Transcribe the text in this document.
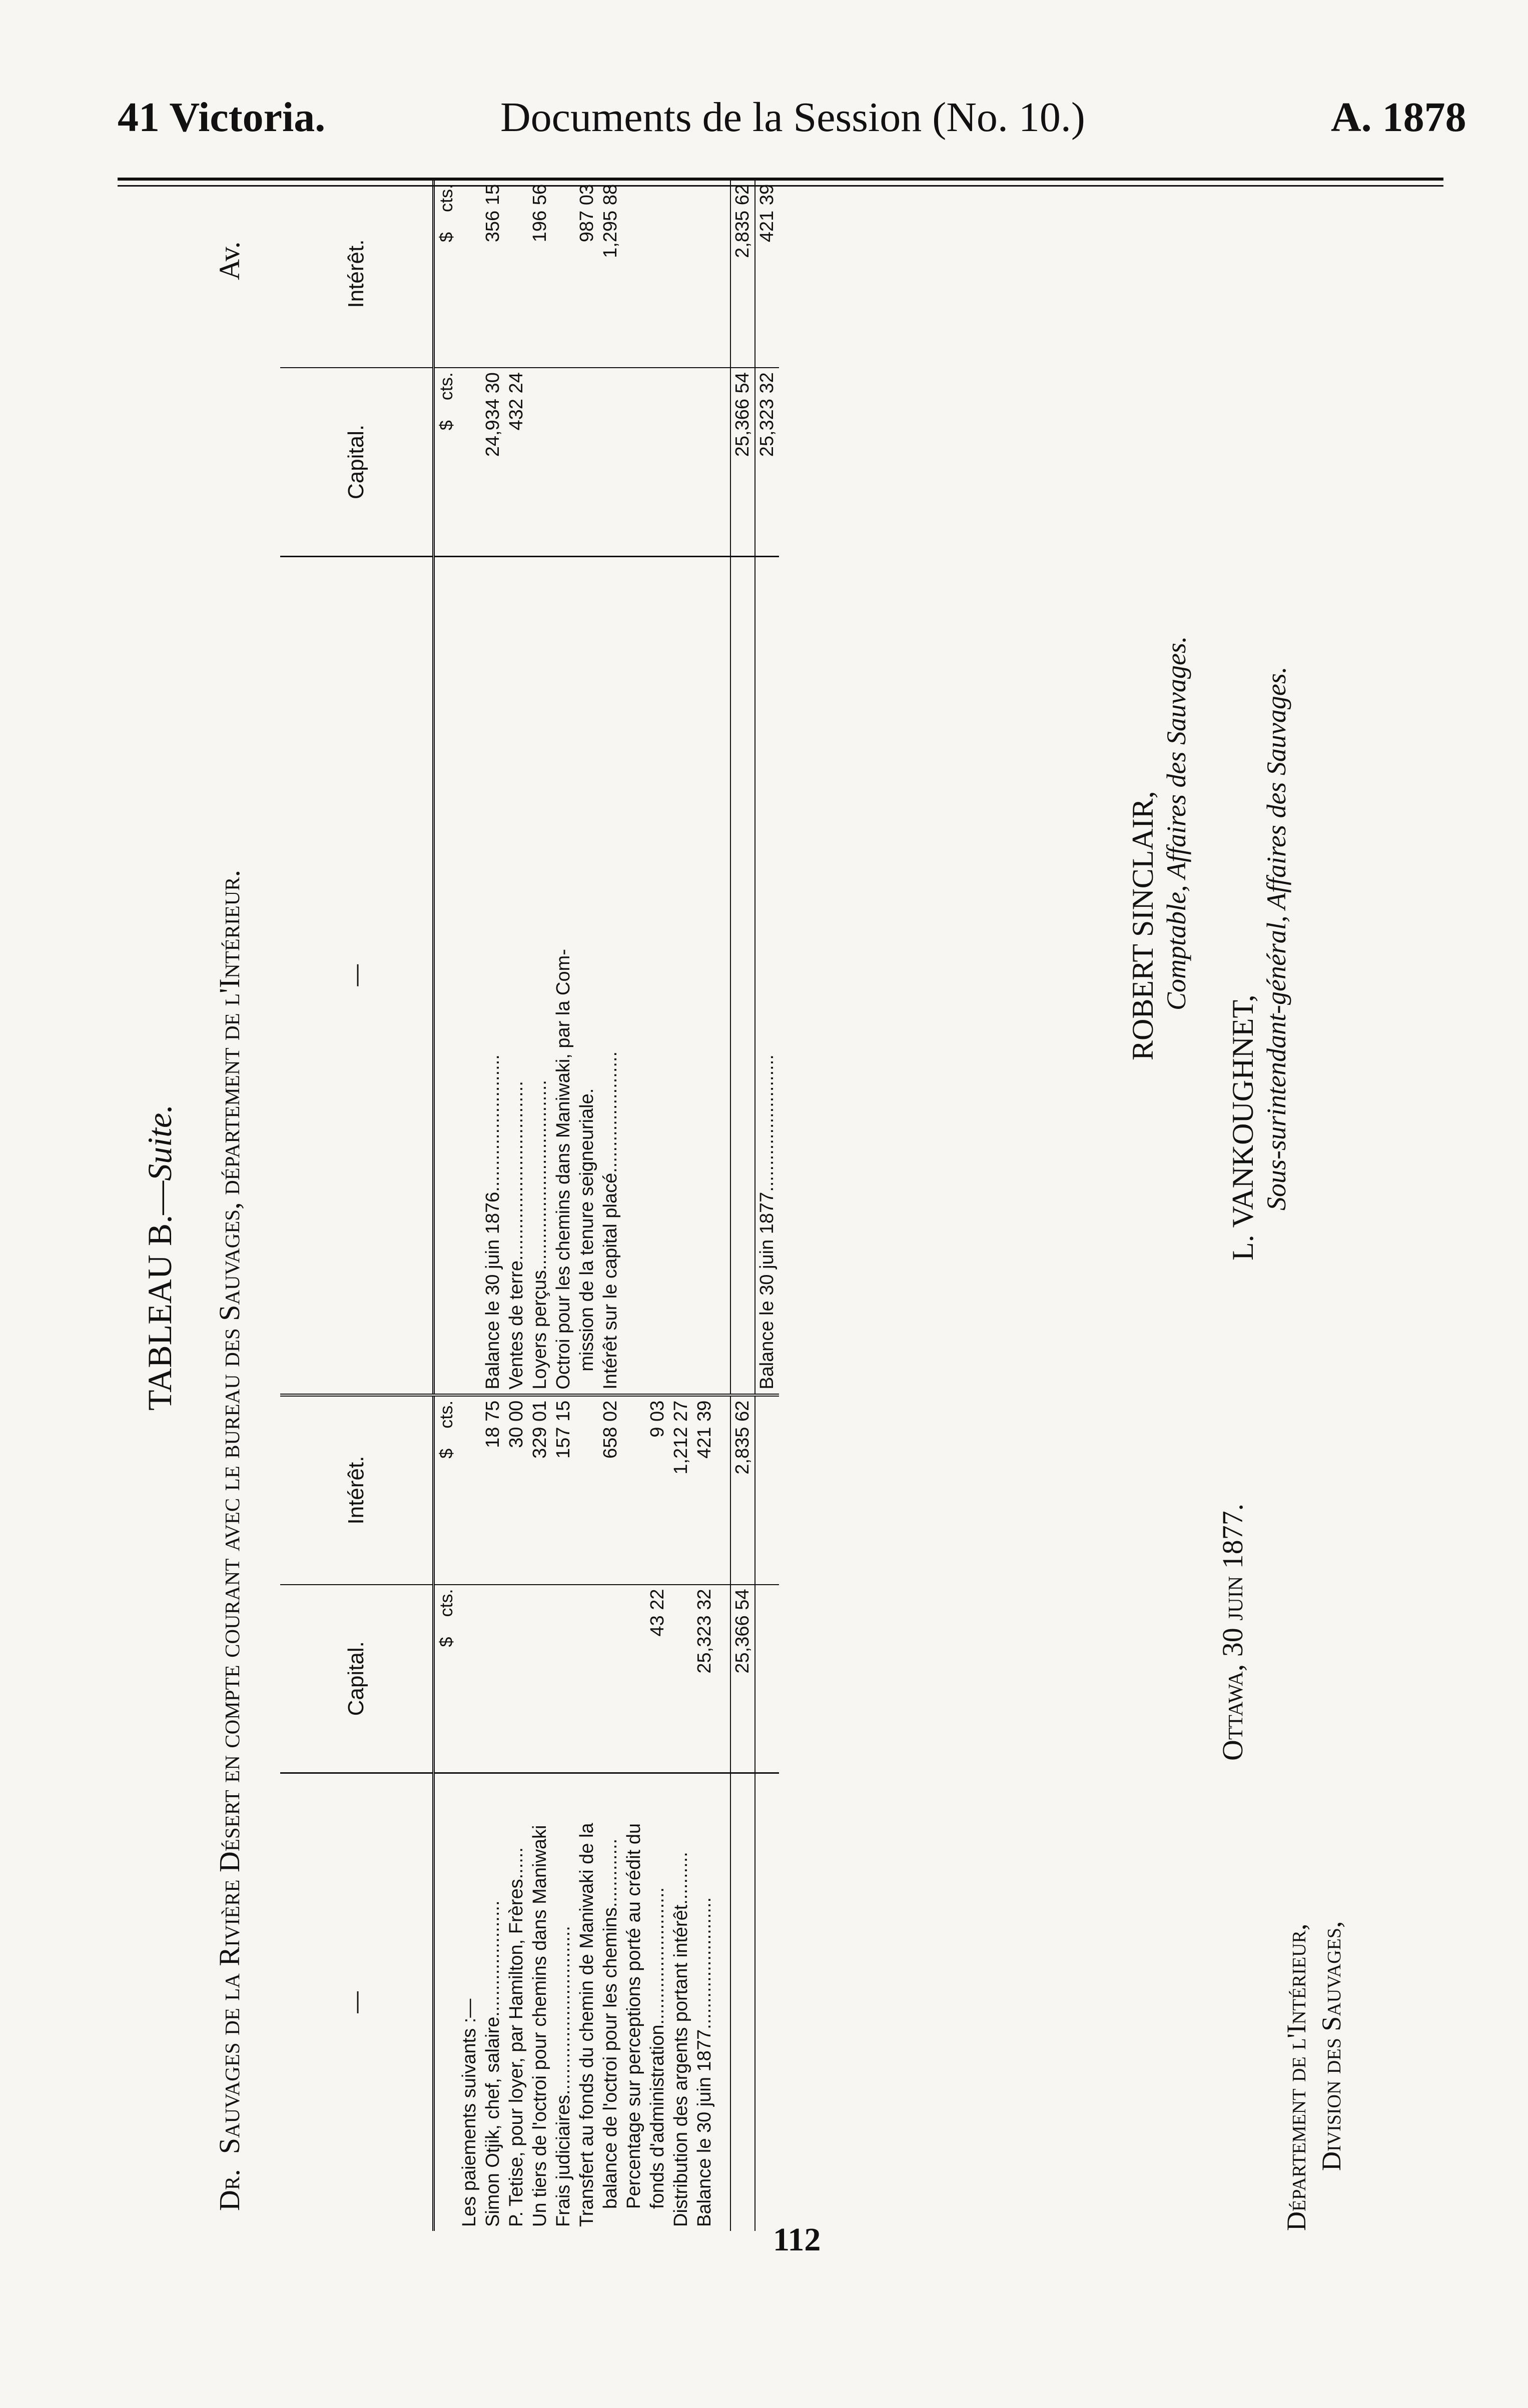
41 Victoria.	Documents de la Session (No. 10.)	A. 1878
TABLEAU B.—Suite.
Dr.Sauvages de la Rivière Désert en compte courant avec le bureau des Sauvages, département de l'Intérieur.
Av.
—	Capital.	Intérêt.	—	Capital.	Intérêt.
	$    cts.	$    cts.		$    cts.	$    cts.
Les paiements suivants :—					
Simon Otjik, chef, salaire......................		18 75	Balance le 30 juin 1876..........................	24,934 30	356 15
P. Tetise, pour loyer, par Hamilton, Frères......		30 00	Ventes de terre..................................	432 24	
Un tiers de l'octroi pour chemins dans Maniwaki		329 01	Loyers perçus....................................		196 56
Frais judiciaires................................		157 15	Octroi pour les chemins dans Maniwaki, par la Com-		
Transfert au fonds du chemin de Maniwaki de la			mission de la tenure seigneuriale.		987 03
balance de l'octroi pour les chemins.............		658 02	Intérêt sur le capital placé.......................		1,295 88
Percentage sur perceptions porté au crédit du					
fonds d'administration..........................	43 22	9 03			
Distribution des argents portant intérêt..........		1,212 27			
Balance le 30 juin 1877.........................	25,323 32	421 39			

	25,366 54	2,835 62		25,366 54	2,835 62
			Balance le 30 juin 1877..........................	25,323 32	421 39
ROBERT SINCLAIR, Comptable, Affaires des Sauvages.
L. VANKOUGHNET, Sous-surintendant-général, Affaires des Sauvages.
Ottawa, 30 juin 1877.
Département de l'Intérieur, Division des Sauvages,
112
